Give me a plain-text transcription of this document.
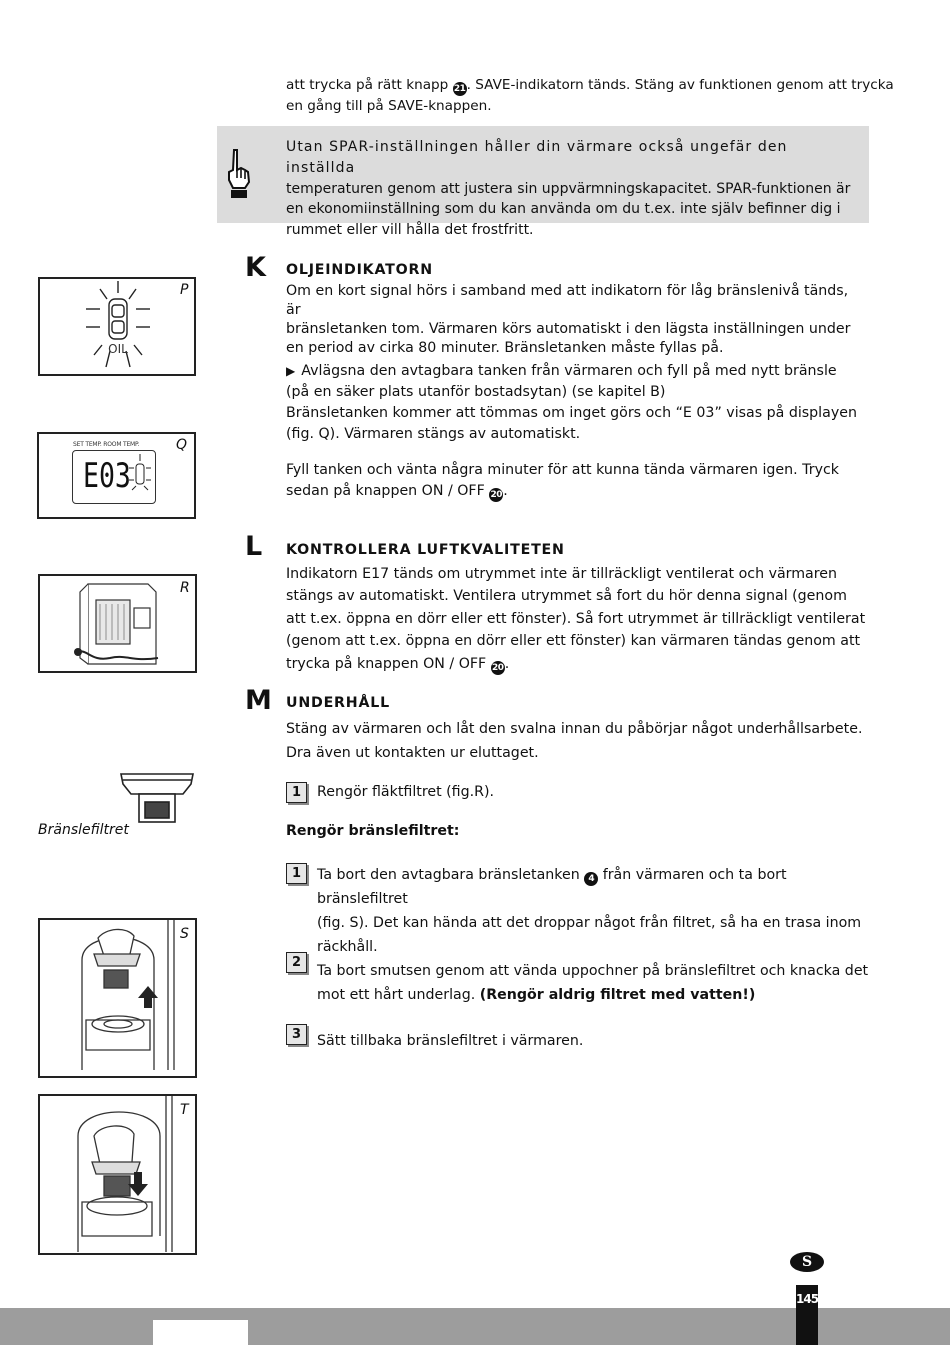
att trycka på rätt knapp 21. SAVE-indikatorn tänds. Stäng av funktionen genom att trycka
en gång till på SAVE-knappen.
Utan SPAR-inställningen håller din värmare också ungefär den inställda
temperaturen genom att justera sin uppvärmningskapacitet. SPAR-funktionen är
en ekonomiinställning som du kan använda om du t.ex. inte själv befinner dig i
rummet eller vill hålla det frostfritt.
K OLJEINDIKATORN
Om en kort signal hörs i samband med att indikatorn för låg bränslenivå tänds, är
bränsletanken tom. Värmaren körs automatiskt i den lägsta inställningen under
en period av cirka 80 minuter. Bränsletanken måste fyllas på.
▶ Avlägsna den avtagbara tanken från värmaren och fyll på med nytt bränsle
(på en säker plats utanför bostadsytan) (se kapitel B)
Bränsletanken kommer att tömmas om inget görs och “E 03” visas på displayen
(fig. Q). Värmaren stängs av automatiskt.
Fyll tanken och vänta några minuter för att kunna tända värmaren igen. Tryck
sedan på knappen ON / OFF 20.
L KONTROLLERA LUFTKVALITETEN
Indikatorn E17 tänds om utrymmet inte är tillräckligt ventilerat och värmaren
stängs av automatiskt. Ventilera utrymmet så fort du hör denna signal (genom
att t.ex. öppna en dörr eller ett fönster). Så fort utrymmet är tillräckligt ventilerat
(genom att t.ex. öppna en dörr eller ett fönster) kan värmaren tändas genom att
trycka på knappen ON / OFF 20.
M UNDERHÅLL
Stäng av värmaren och låt den svalna innan du påbörjar något underhållsarbete.
Dra även ut kontakten ur eluttaget.
1	Rengör fläktfiltret (fig.R).
Rengör bränslefiltret:
1	Ta bort den avtagbara bränsletanken 4 från värmaren och ta bort bränslefiltret
(fig. S). Det kan hända att det droppar något från filtret, så ha en trasa inom
räckhåll.
2
Ta bort smutsen genom att vända uppochner på bränslefiltret och knacka det
mot ett hårt underlag. (Rengör aldrig filtret med vatten!)
3	Sätt tillbaka bränslefiltret i värmaren.
P
OIL
Q
SET TEMP. ROOM TEMP.
E03
R
Bränslefiltret
S
T
S
145
